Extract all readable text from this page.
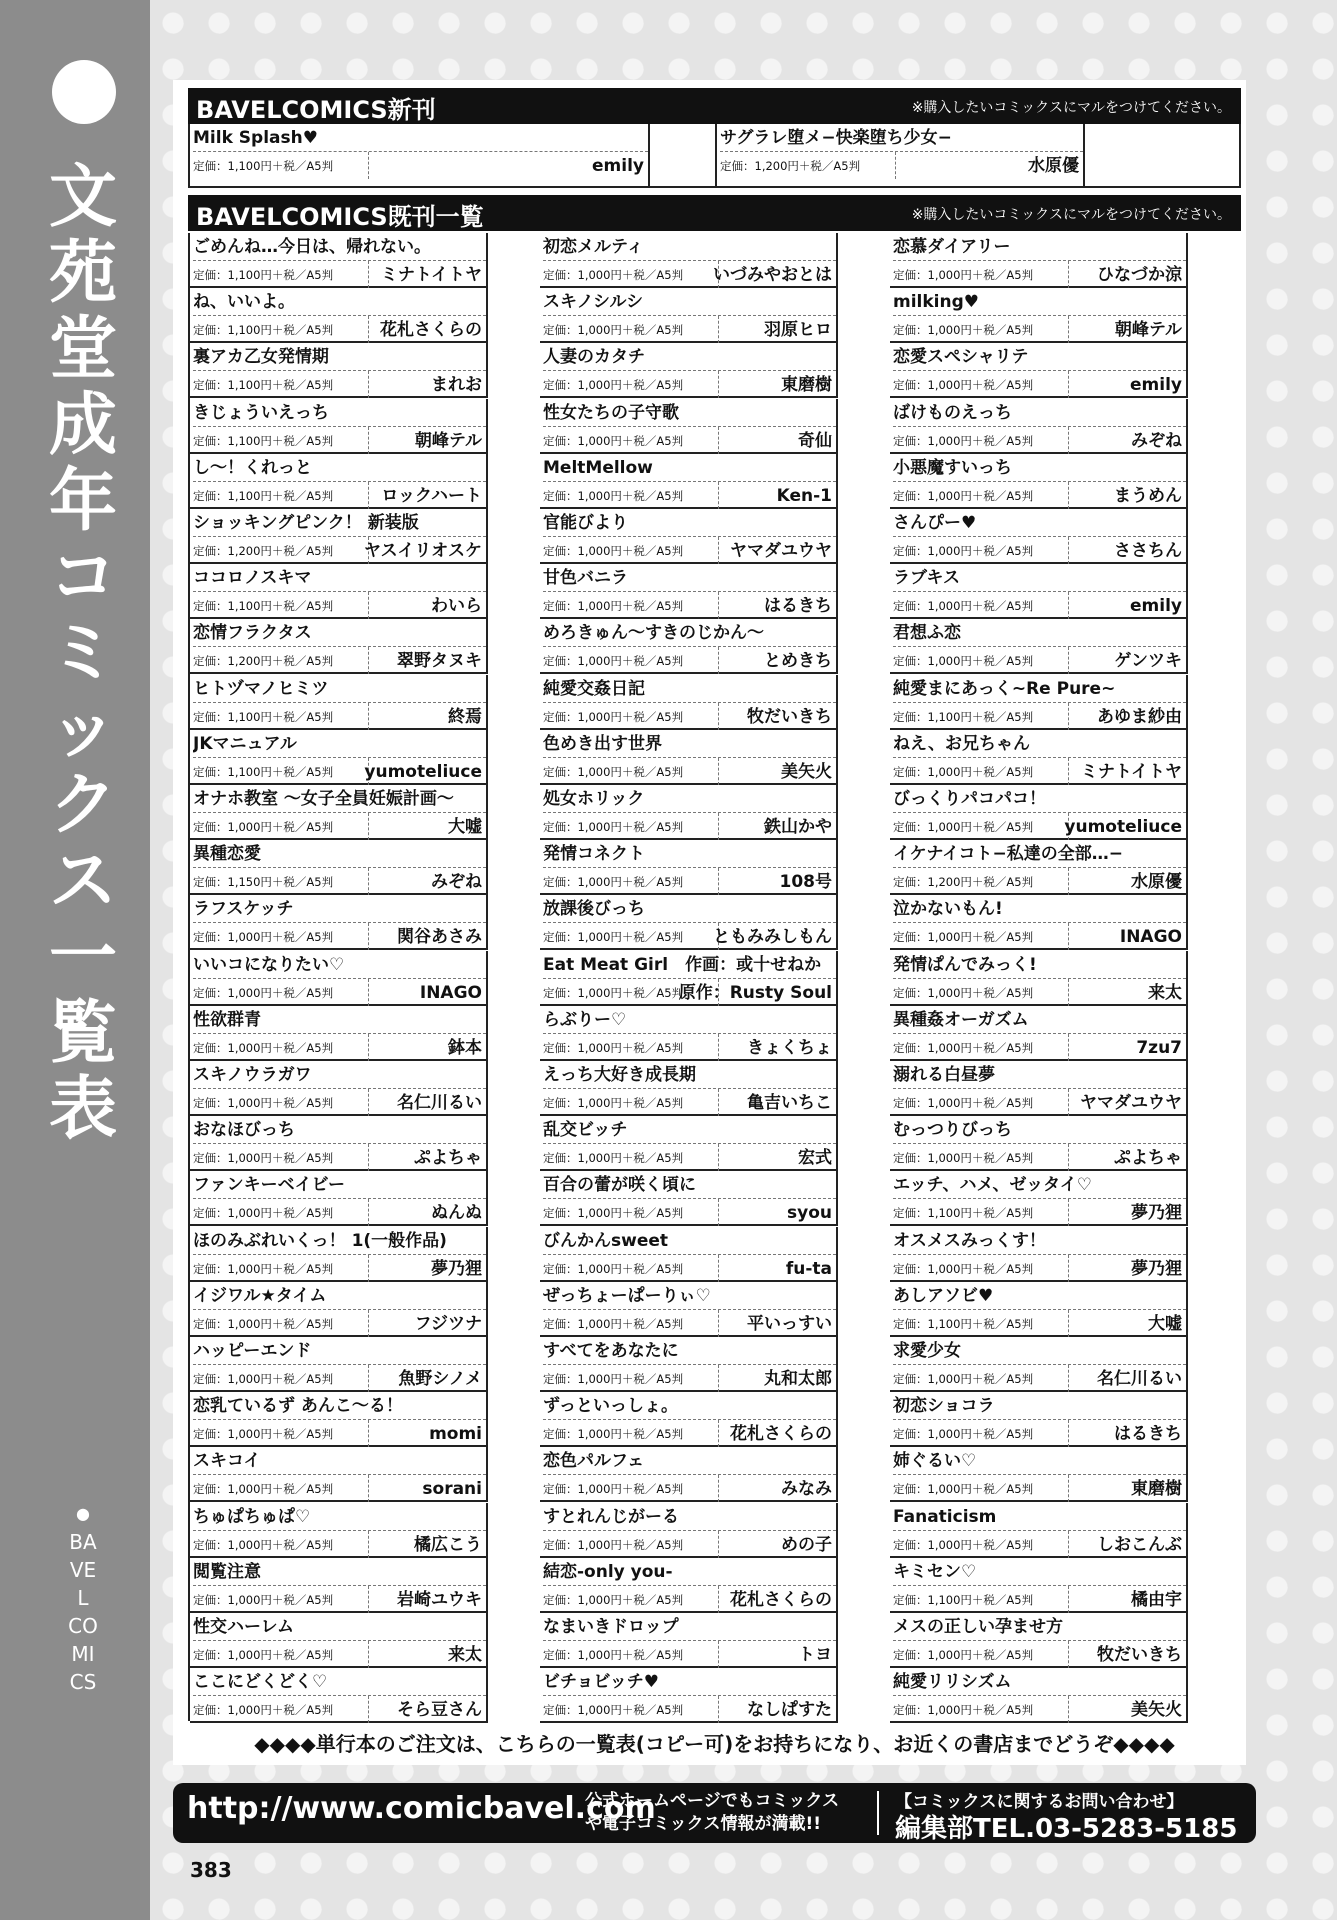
文苑堂成年コミックス一覧表
●
BAVEL COMICS
BAVELCOMICS新刊	※購入したいコミックスにマルをつけてください。
Milk Splash♥
定価：1,100円＋税／A5判	emily
サグラレ堕メ−快楽堕ち少女−
定価：1,200円＋税／A5判	水原優
BAVELCOMICS既刊一覧	※購入したいコミックスにマルをつけてください。
ごめんね…今日は、帰れない。
定価：1,100円＋税／A5判	ミナトイトヤ
ね、いいよ。
定価：1,100円＋税／A5判	花札さくらの
裏アカ乙女発情期
定価：1,100円＋税／A5判	まれお
きじょういえっち
定価：1,100円＋税／A5判	朝峰テル
し〜！くれっと
定価：1,100円＋税／A5判	ロックハート
ショッキングピンク！ 新装版
定価：1,200円＋税／A5判 ヤスイリオスケ
ココロノスキマ
定価：1,100円＋税／A5判	わいら
恋情フラクタス
定価：1,200円＋税／A5判	翠野タヌキ
ヒトヅマノヒミツ
定価：1,100円＋税／A5判	終焉
JKマニュアル
定価：1,100円＋税／A5判 yumoteliuce
オナホ教室 〜女子全員妊娠計画〜
定価：1,000円＋税／A5判	大嘘
異種恋愛
定価：1,150円＋税／A5判	みぞね
ラフスケッチ
定価：1,000円＋税／A5判	関谷あさみ
いいコになりたい♡
定価：1,000円＋税／A5判	INAGO
性欲群青
定価：1,000円＋税／A5判	鉢本
スキノウラガワ
定価：1,000円＋税／A5判	名仁川るい
おなほびっち
定価：1,000円＋税／A5判	ぷよちゃ
ファンキーベイビー
定価：1,000円＋税／A5判	ぬんぬ
ほのみぶれいくっ！ 1(一般作品)
定価：1,000円＋税／A5判	夢乃狸
イジワル★タイム
定価：1,000円＋税／A5判	フジツナ
ハッピーエンド
定価：1,000円＋税／A5判	魚野シノメ
恋乳ているず あんこ〜る！
定価：1,000円＋税／A5判	momi
スキコイ
定価：1,000円＋税／A5判	sorani
ちゅぱちゅぱ♡
定価：1,000円＋税／A5判	橘広こう
閲覧注意
定価：1,000円＋税／A5判	岩崎ユウキ
性交ハーレム
定価：1,000円＋税／A5判	来太
ここにどくどく♡
定価：1,000円＋税／A5判	そら豆さん
初恋メルティ
定価：1,000円＋税／A5判 いづみやおとは
スキノシルシ
定価：1,000円＋税／A5判	羽原ヒロ
人妻のカタチ
定価：1,000円＋税／A5判	東磨樹
性女たちの子守歌
定価：1,000円＋税／A5判	奇仙
MeltMellow
定価：1,000円＋税／A5判	Ken-1
官能びより
定価：1,000円＋税／A5判	ヤマダユウヤ
甘色バニラ
定価：1,000円＋税／A5判	はるきち
めろきゅん〜すきのじかん〜
定価：1,000円＋税／A5判	とめきち
純愛交姦日記
定価：1,000円＋税／A5判	牧だいきち
色めき出す世界
定価：1,000円＋税／A5判	美矢火
処女ホリック
定価：1,000円＋税／A5判	鉄山かや
発情コネクト
定価：1,000円＋税／A5判	108号
放課後びっち
定価：1,000円＋税／A5判 ともみみしもん
Eat Meat Girl　作画：或十せねか
定価：1,000円＋税／A5判
原作：Rusty Soul
らぶりー♡
定価：1,000円＋税／A5判	きょくちょ
えっち大好き成長期
定価：1,000円＋税／A5判	亀吉いちこ
乱交ビッチ
定価：1,000円＋税／A5判	宏式
百合の蕾が咲く頃に
定価：1,000円＋税／A5判	syou
びんかんsweet
定価：1,000円＋税／A5判	fu-ta
ぜっちょーぱーりぃ♡
定価：1,000円＋税／A5判	平いっすい
すべてをあなたに
定価：1,000円＋税／A5判	丸和太郎
ずっといっしょ。
定価：1,000円＋税／A5判	花札さくらの
恋色パルフェ
定価：1,000円＋税／A5判	みなみ
すとれんじがーる
定価：1,000円＋税／A5判	めの子
結恋-only you-
定価：1,000円＋税／A5判	花札さくらの
なまいきドロップ
定価：1,000円＋税／A5判	トヨ
ビチョビッチ♥
定価：1,000円＋税／A5判	なしぱすた
恋慕ダイアリー
定価：1,000円＋税／A5判	ひなづか涼
milking♥
定価：1,000円＋税／A5判	朝峰テル
恋愛スペシャリテ
定価：1,000円＋税／A5判	emily
ばけものえっち
定価：1,000円＋税／A5判	みぞね
小悪魔すいっち
定価：1,000円＋税／A5判	まうめん
さんぴー♥
定価：1,000円＋税／A5判	ささちん
ラブキス
定価：1,000円＋税／A5判	emily
君想ふ恋
定価：1,000円＋税／A5判	ゲンツキ
純愛まにあっく~Re Pure~
定価：1,100円＋税／A5判	あゆま紗由
ねえ、お兄ちゃん
定価：1,000円＋税／A5判	ミナトイトヤ
びっくりパコパコ！
定価：1,000円＋税／A5判 yumoteliuce
イケナイコト−私達の全部…−
定価：1,200円＋税／A5判	水原優
泣かないもん!
定価：1,000円＋税／A5判	INAGO
発情ぱんでみっく!
定価：1,000円＋税／A5判	来太
異種姦オーガズム
定価：1,000円＋税／A5判	7zu7
溺れる白昼夢
定価：1,000円＋税／A5判	ヤマダユウヤ
むっつりびっち
定価：1,000円＋税／A5判	ぷよちゃ
エッチ、ハメ、ゼッタイ♡
定価：1,100円＋税／A5判	夢乃狸
オスメスみっくす！
定価：1,000円＋税／A5判	夢乃狸
あしアソビ♥
定価：1,100円＋税／A5判	大嘘
求愛少女
定価：1,000円＋税／A5判	名仁川るい
初恋ショコラ
定価：1,000円＋税／A5判	はるきち
姉ぐるい♡
定価：1,000円＋税／A5判	東磨樹
Fanaticism
定価：1,000円＋税／A5判	しおこんぶ
キミセン♡
定価：1,100円＋税／A5判	橘由宇
メスの正しい孕ませ方
定価：1,000円＋税／A5判	牧だいきち
純愛リリシズム
定価：1,000円＋税／A5判	美矢火
◆◆◆◆単行本のご注文は、こちらの一覧表(コピー可)をお持ちになり、お近くの書店までどうぞ◆◆◆◆
http://www.comicbavel.com
公式ホームページでもコミックス
や電子コミックス情報が満載!!
【コミックスに関するお問い合わせ】
編集部TEL.03-5283-5185
383
